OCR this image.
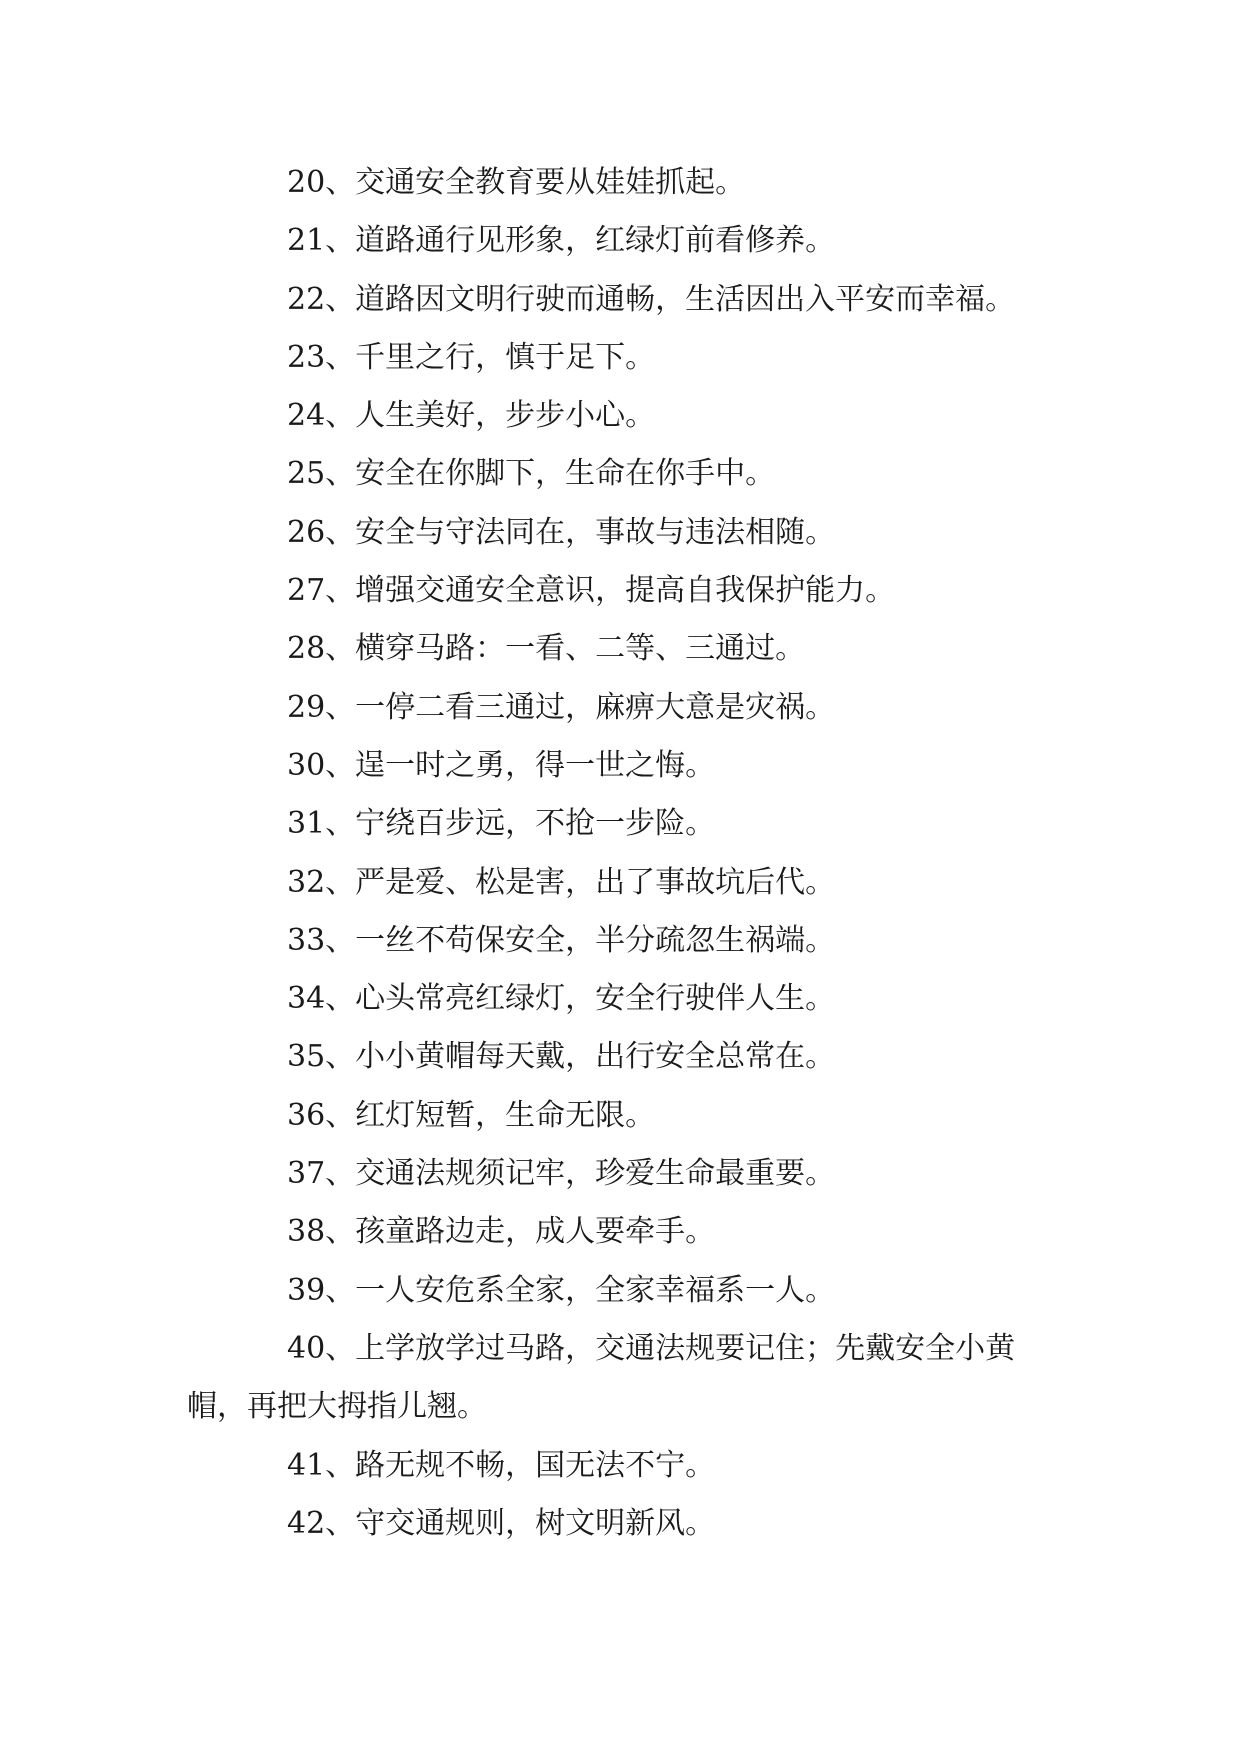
20、交通安全教育要从娃娃抓起。

21、道路通行见形象，红绿灯前看修养。

22、道路因文明行驶而通畅，生活因出入平安而幸福。

23、千里之行，慎于足下。

24、人生美好，步步小心。

25、安全在你脚下，生命在你手中。

26、安全与守法同在，事故与违法相随。

27、增强交通安全意识，提高自我保护能力。

28、横穿马路：一看、二等、三通过。

29、一停二看三通过，麻痹大意是灾祸。

30、逞一时之勇，得一世之悔。

31、宁绕百步远，不抢一步险。

32、严是爱、松是害，出了事故坑后代。

33、一丝不苟保安全，半分疏忽生祸端。

34、心头常亮红绿灯，安全行驶伴人生。

35、小小黄帽每天戴，出行安全总常在。

36、红灯短暂，生命无限。

37、交通法规须记牢，珍爱生命最重要。

38、孩童路边走，成人要牵手。

39、一人安危系全家，全家幸福系一人。

40、上学放学过马路，交通法规要记住；先戴安全小黄帽，再把大拇指儿翘。

41、路无规不畅，国无法不宁。

42、守交通规则，树文明新风。
